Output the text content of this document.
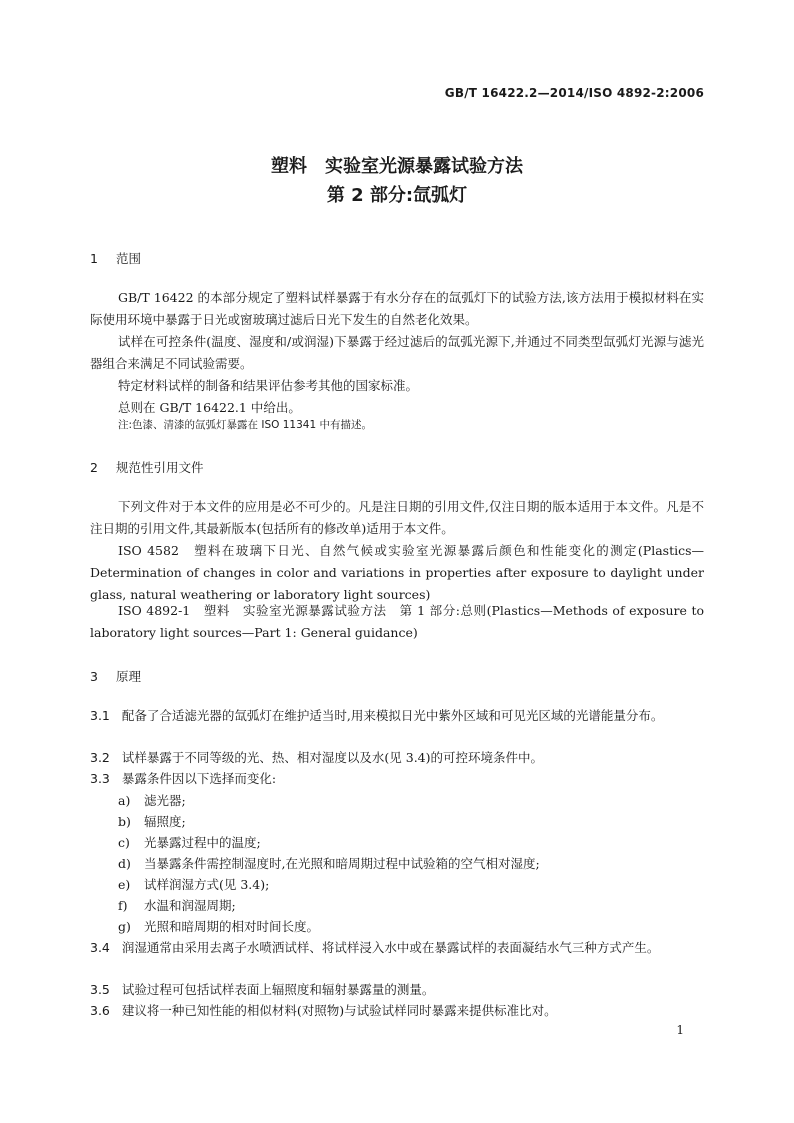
GB/T 16422.2—2014/ISO 4892-2:2006
塑料　实验室光源暴露试验方法
第 2 部分:氙弧灯
1 范围
GB/T 16422 的本部分规定了塑料试样暴露于有水分存在的氙弧灯下的试验方法,该方法用于模拟材料在实际使用环境中暴露于日光或窗玻璃过滤后日光下发生的自然老化效果。
试样在可控条件(温度、湿度和/或润湿)下暴露于经过滤后的氙弧光源下,并通过不同类型氙弧灯光源与滤光器组合来满足不同试验需要。
特定材料试样的制备和结果评估参考其他的国家标准。
总则在 GB/T 16422.1 中给出。
注:色漆、清漆的氙弧灯暴露在 ISO 11341 中有描述。
2 规范性引用文件
下列文件对于本文件的应用是必不可少的。凡是注日期的引用文件,仅注日期的版本适用于本文件。凡是不注日期的引用文件,其最新版本(包括所有的修改单)适用于本文件。
ISO 4582　塑料在玻璃下日光、自然气候或实验室光源暴露后颜色和性能变化的测定(Plastics—Determination of changes in color and variations in properties after exposure to daylight under glass, natural weathering or laboratory light sources)
ISO 4892-1　塑料　实验室光源暴露试验方法　第 1 部分:总则(Plastics—Methods of exposure to laboratory light sources—Part 1: General guidance)
3 原理
3.1 配备了合适滤光器的氙弧灯在维护适当时,用来模拟日光中紫外区域和可见光区域的光谱能量分布。
3.2 试样暴露于不同等级的光、热、相对湿度以及水(见 3.4)的可控环境条件中。
3.3 暴露条件因以下选择而变化:
a) 滤光器;
b) 辐照度;
c) 光暴露过程中的温度;
d) 当暴露条件需控制湿度时,在光照和暗周期过程中试验箱的空气相对湿度;
e) 试样润湿方式(见 3.4);
f) 水温和润湿周期;
g) 光照和暗周期的相对时间长度。
3.4 润湿通常由采用去离子水喷洒试样、将试样浸入水中或在暴露试样的表面凝结水气三种方式产生。
3.5 试验过程可包括试样表面上辐照度和辐射暴露量的测量。
3.6 建议将一种已知性能的相似材料(对照物)与试验试样同时暴露来提供标准比对。
1
